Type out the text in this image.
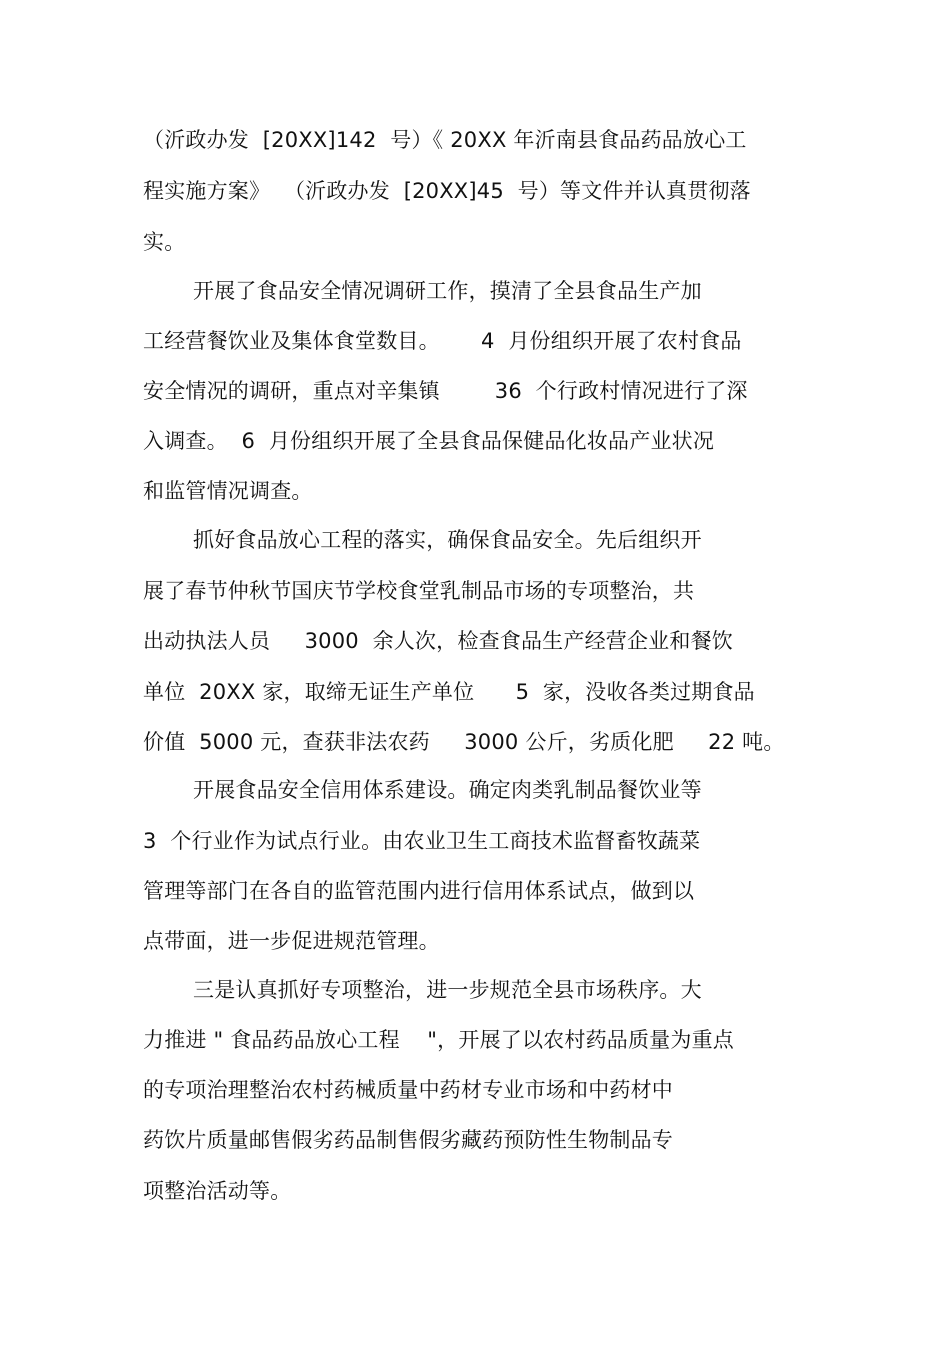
（沂政办发  [20XX]142  号）《 20XX 年沂南县食品药品放心工
程实施方案》  （沂政办发  [20XX]45  号）等文件并认真贯彻落
实。
开展了食品安全情况调研工作，摸清了全县食品生产加
工经营餐饮业及集体食堂数目。      4  月份组织开展了农村食品
安全情况的调研，重点对辛集镇        36  个行政村情况进行了深
入调查。  6  月份组织开展了全县食品保健品化妆品产业状况
和监管情况调查。
抓好食品放心工程的落实，确保食品安全。先后组织开
展了春节仲秋节国庆节学校食堂乳制品市场的专项整治，共
出动执法人员     3000  余人次，检查食品生产经营企业和餐饮
单位  20XX 家，取缔无证生产单位      5  家，没收各类过期食品
价值  5000 元，查获非法农药     3000 公斤，劣质化肥     22 吨。
开展食品安全信用体系建设。确定肉类乳制品餐饮业等
3  个行业作为试点行业。由农业卫生工商技术监督畜牧蔬菜
管理等部门在各自的监管范围内进行信用体系试点，做到以
点带面，进一步促进规范管理。
三是认真抓好专项整治，进一步规范全县市场秩序。大
力推进 " 食品药品放心工程    "，开展了以农村药品质量为重点
的专项治理整治农村药械质量中药材专业市场和中药材中
药饮片质量邮售假劣药品制售假劣藏药预防性生物制品专
项整治活动等。
